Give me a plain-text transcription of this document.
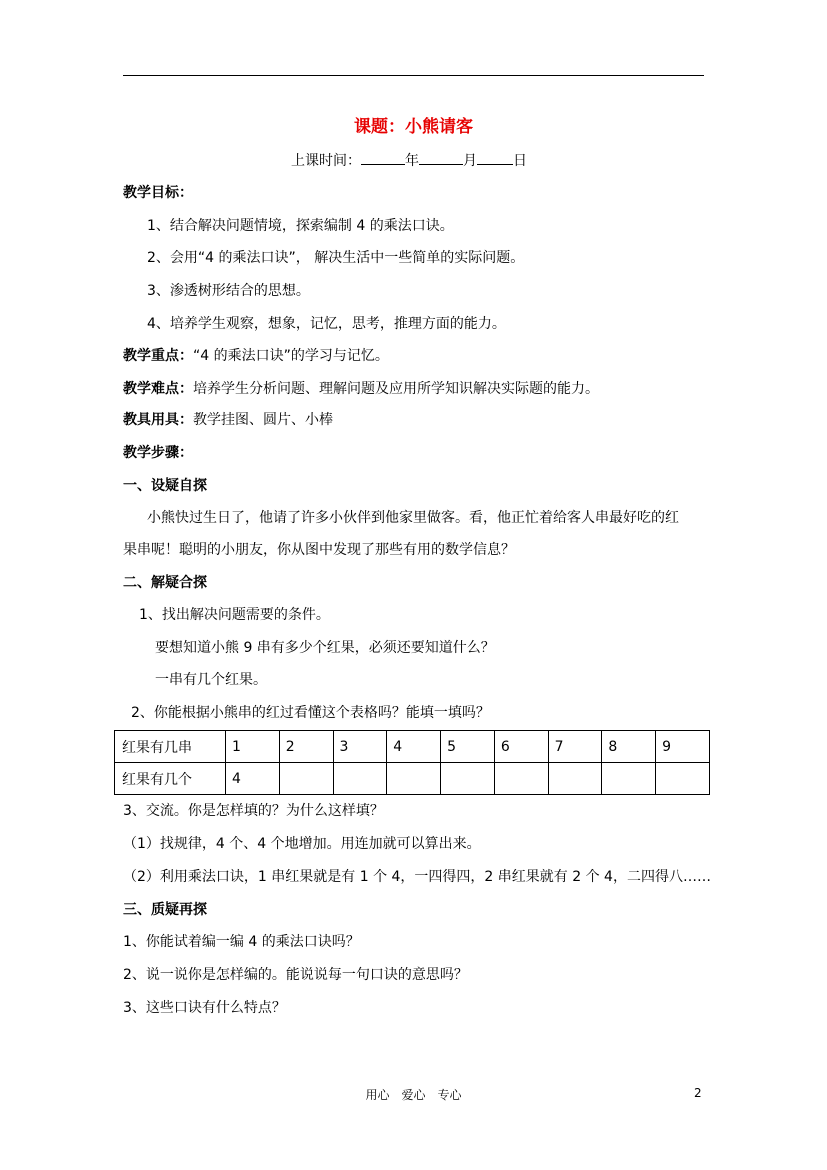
课题：小熊请客
上课时间：	年	月	日
教学目标：
1、结合解决问题情境，探索编制 4 的乘法口诀。
2、会用“4 的乘法口诀”， 解决生活中一些简单的实际问题。
3、渗透树形结合的思想。
4、培养学生观察，想象，记忆，思考，推理方面的能力。
教学重点：“4 的乘法口诀”的学习与记忆。
教学难点：培养学生分析问题、理解问题及应用所学知识解决实际题的能力。
教具用具：教学挂图、圆片、小棒
教学步骤：
一、设疑自探
小熊快过生日了，他请了许多小伙伴到他家里做客。看，他正忙着给客人串最好吃的红
果串呢！聪明的小朋友，你从图中发现了那些有用的数学信息？
二、解疑合探
1、找出解决问题需要的条件。
要想知道小熊 9 串有多少个红果，必须还要知道什么？
一串有几个红果。
2、你能根据小熊串的红过看懂这个表格吗？能填一填吗？
红果有几串	1	2	3	4	5	6	7	8	9
红果有几个	4								
3、交流。你是怎样填的？为什么这样填？
（1）找规律，4 个、4 个地增加。用连加就可以算出来。
（2）利用乘法口诀，1 串红果就是有 1 个 4，一四得四，2 串红果就有 2 个 4，二四得八……
三、质疑再探
1、你能试着编一编 4 的乘法口诀吗？
2、说一说你是怎样编的。能说说每一句口诀的意思吗？
3、这些口诀有什么特点？
用心　爱心　专心	2
